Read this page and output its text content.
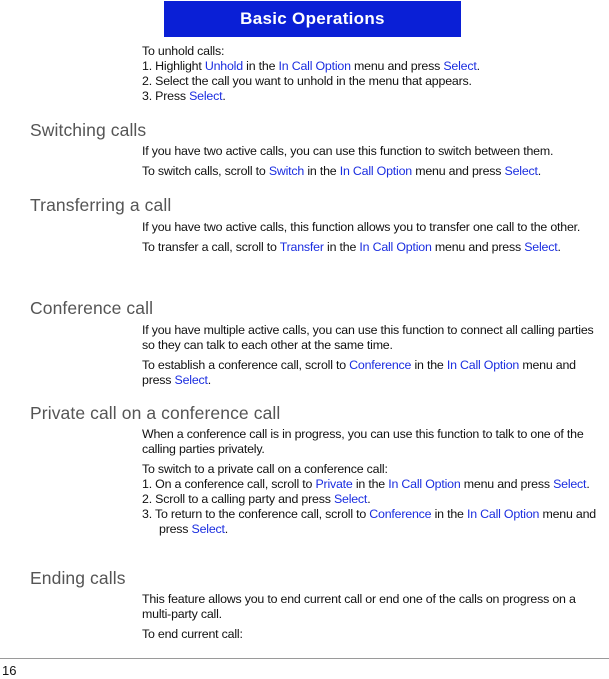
Basic Operations

To unhold calls:

1. Highlight Unhold in the In Call Option menu and press Select.

2. Select the call you want to unhold in the menu that appears.

3. Press Select.

Switching calls

If you have two active calls, you can use this function to switch between them.

To switch calls, scroll to Switch in the In Call Option menu and press Select.

Transferring a call

If you have two active calls, this function allows you to transfer one call to the other.

To transfer a call, scroll to Transfer in the In Call Option menu and press Select.

Conference call

If you have multiple active calls, you can use this function to connect all calling parties so they can talk to each other at the same time.

To establish a conference call, scroll to Conference in the In Call Option menu and press Select.

Private call on a conference call

When a conference call is in progress, you can use this function to talk to one of the calling parties privately.

To switch to a private call on a conference call:

1. On a conference call, scroll to Private in the In Call Option menu and press Select.

2. Scroll to a calling party and press Select.

3. To return to the conference call, scroll to Conference in the In Call Option menu and press Select.

Ending calls

This feature allows you to end current call or end one of the calls on progress on a multi-party call.

To end current call:

16
